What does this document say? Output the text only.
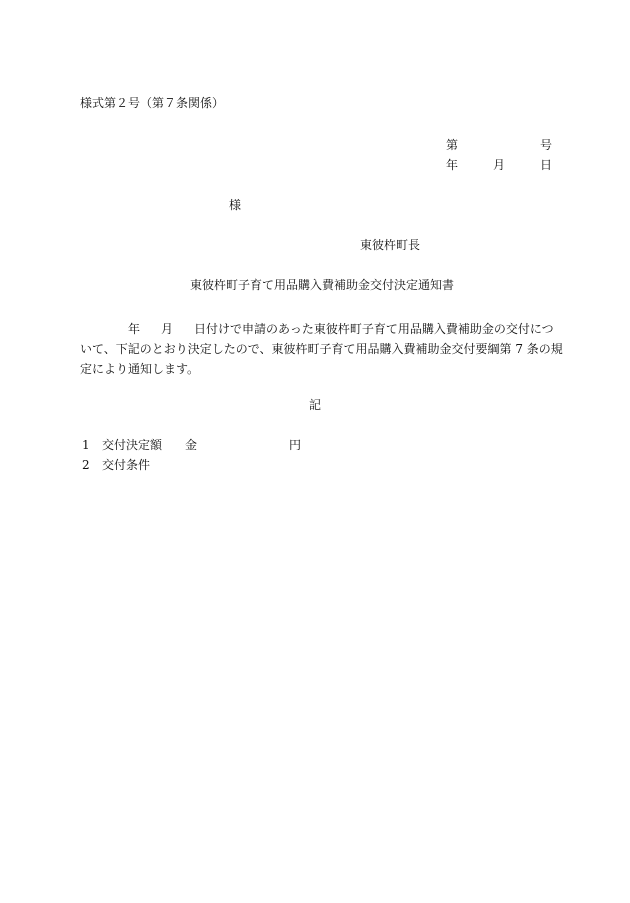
様式第２号（第７条関係）
第	号
年	月	日
様
東彼杵町長
東彼杵町子育て用品購入費補助金交付決定通知書
年 月 日付けで申請のあった東彼杵町子育て用品購入費補助金の交付につ
いて、下記のとおり決定したので、東彼杵町子育て用品購入費補助金交付要綱第 7 条の規
定により通知します。
記
1 交付決定額 金	円
2 交付条件
